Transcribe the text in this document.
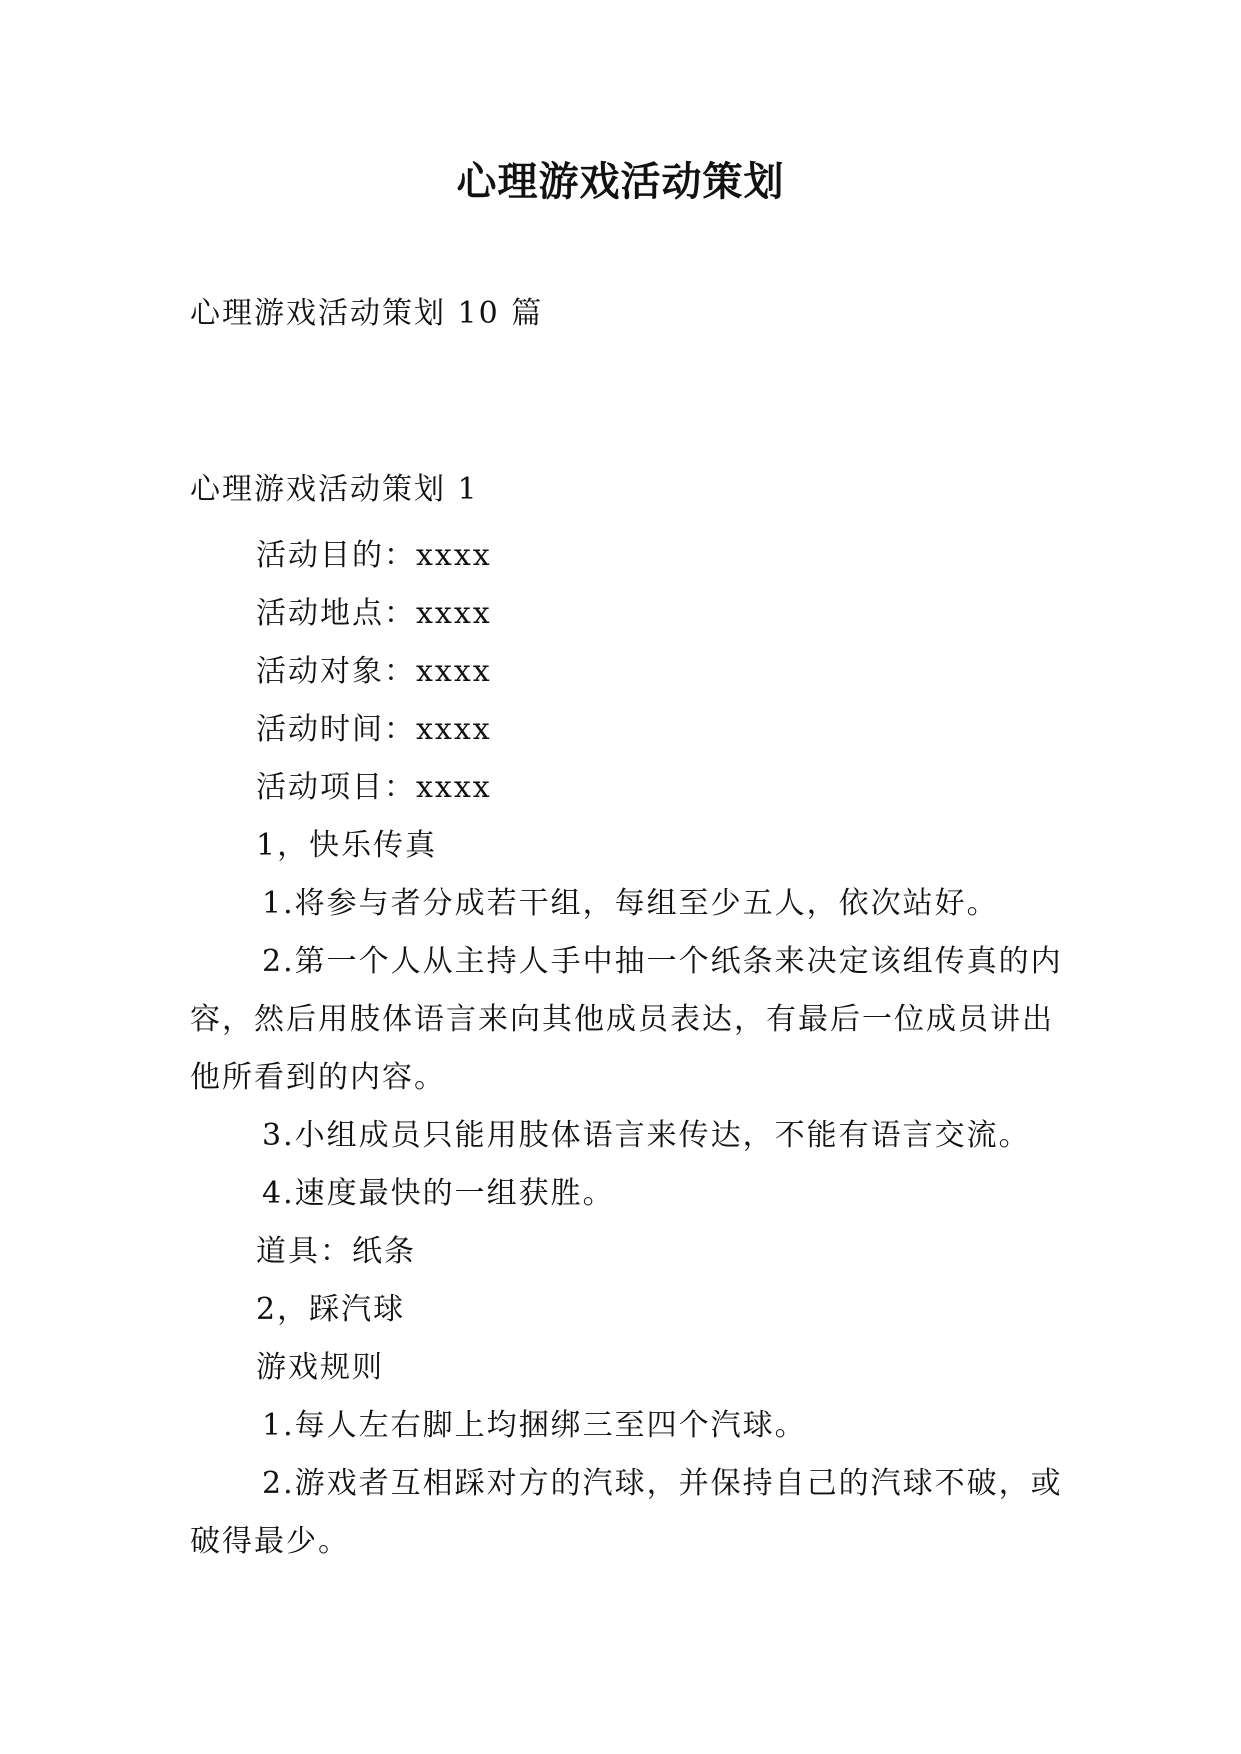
心理游戏活动策划
心理游戏活动策划 10 篇
心理游戏活动策划 1

活动目的：xxxx

活动地点：xxxx

活动对象：xxxx

活动时间：xxxx

活动项目：xxxx

1，快乐传真

1.将参与者分成若干组，每组至少五人，依次站好。

2.第一个人从主持人手中抽一个纸条来决定该组传真的内容，然后用肢体语言来向其他成员表达，有最后一位成员讲出他所看到的内容。

3.小组成员只能用肢体语言来传达，不能有语言交流。

4.速度最快的一组获胜。

道具：纸条

2，踩汽球

游戏规则

1.每人左右脚上均捆绑三至四个汽球。

2.游戏者互相踩对方的汽球，并保持自己的汽球不破，或破得最少。
